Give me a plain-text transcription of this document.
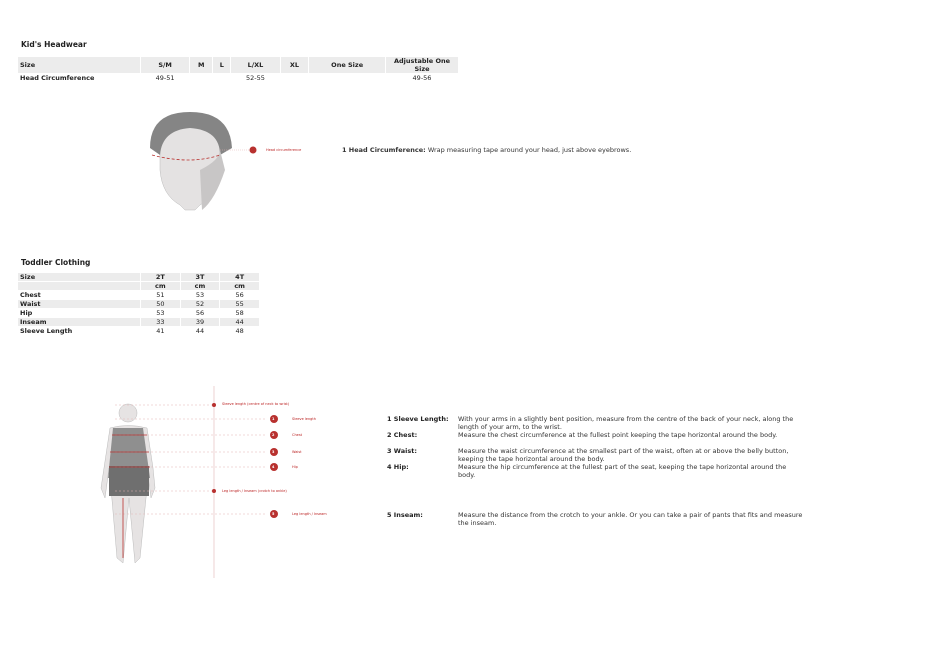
Kid's Headwear
Size	S/M	M	L	L/XL	XL	One Size	Adjustable One Size
Head Circumference	49-51			52-55			49-56
Head circumference	1 Head Circumference: Wrap measuring tape around your head, just above eyebrows.
Toddler Clothing
Size	2T	3T	4T
	cm	cm	cm
Chest	51	53	56
Waist	50	52	55
Hip	53	56	58
Inseam	33	39	44
Sleeve Length	41	44	48
Sleeve length (centre of neck to wrist)
Leg length / Inseam (crotch to ankle)
1
2
3
4
5
Sleeve length
Chest
Waist
Hip
Leg length / Inseam
1 Sleeve Length: With your arms in a slightly bent position, measure from the centre of the back of your neck, along the length of your arm, to the wrist.
2 Chest:	Measure the chest circumference at the fullest point keeping the tape horizontal around the body.
3 Waist:	Measure the waist circumference at the smallest part of the waist, often at or above the belly button, keeping the tape horizontal around the body.
4 Hip:	Measure the hip circumference at the fullest part of the seat, keeping the tape horizontal around the body.
5 Inseam:	Measure the distance from the crotch to your ankle. Or you can take a pair of pants that fits and measure the inseam.
